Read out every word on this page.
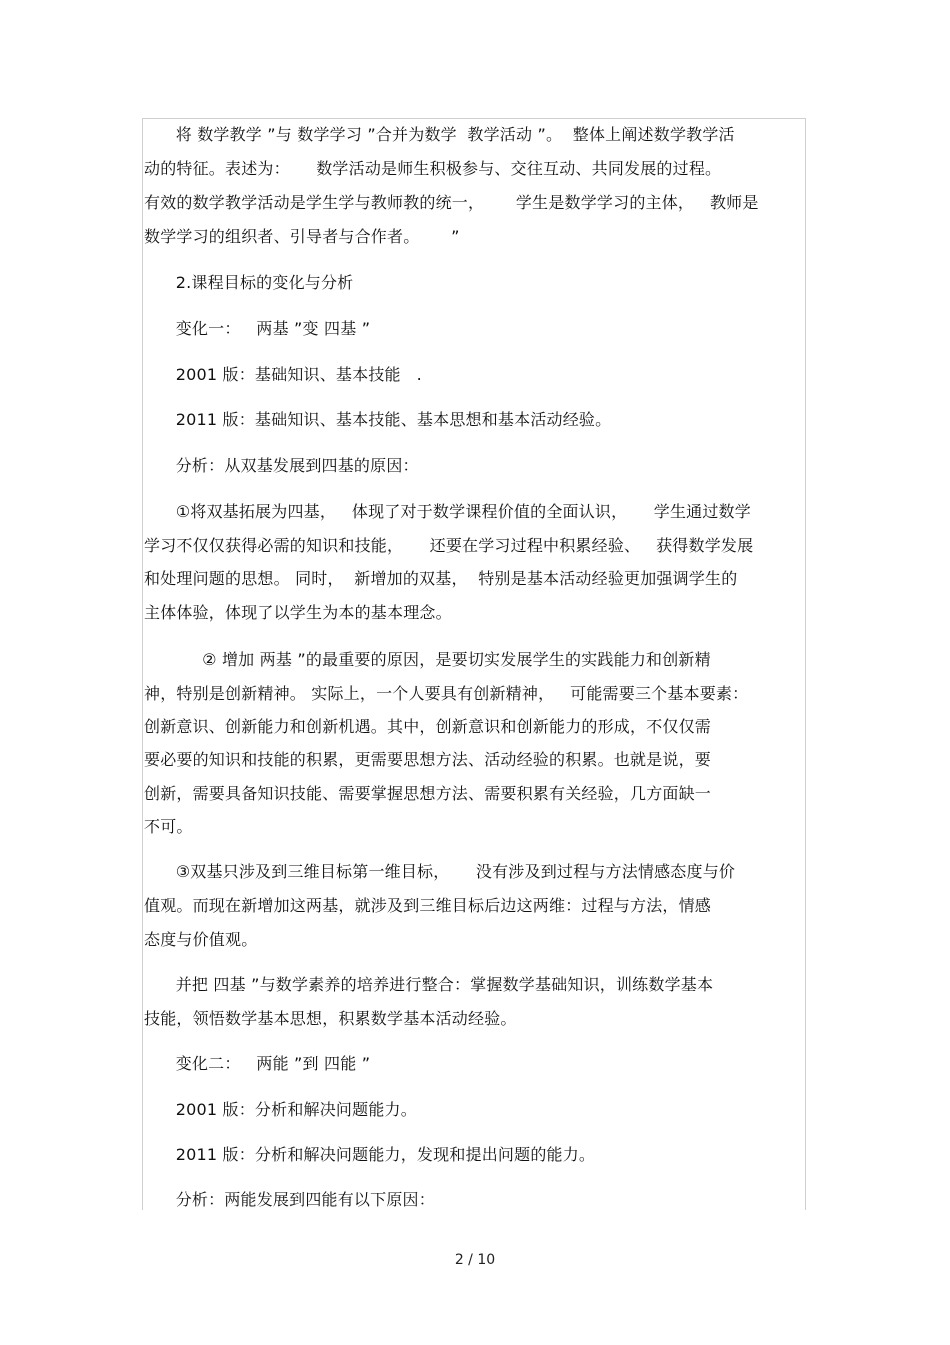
将 数学教学 ”与 数学学习 ”合并为数学  教学活动 ”。  整体上阐述数学教学活
动的特征。表述为：     数学活动是师生积极参与、交往互动、共同发展的过程。
有效的数学教学活动是学生学与教师教的统一，      学生是数学学习的主体，   教师是
数学学习的组织者、引导者与合作者。      ”
2.课程目标的变化与分析
变化一：   两基 ”变 四基 ”
2001 版：基础知识、基本技能   .
2011 版：基础知识、基本技能、基本思想和基本活动经验。
分析：从双基发展到四基的原因：
①将双基拓展为四基，   体现了对于数学课程价值的全面认识，     学生通过数学
学习不仅仅获得必需的知识和技能，     还要在学习过程中积累经验、   获得数学发展
和处理问题的思想。 同时，  新增加的双基，  特别是基本活动经验更加强调学生的
主体体验，体现了以学生为本的基本理念。
② 增加 两基 ”的最重要的原因，是要切实发展学生的实践能力和创新精
神，特别是创新精神。 实际上，一个人要具有创新精神，   可能需要三个基本要素：
创新意识、创新能力和创新机遇。其中，创新意识和创新能力的形成，不仅仅需
要必要的知识和技能的积累，更需要思想方法、活动经验的积累。也就是说，要
创新，需要具备知识技能、需要掌握思想方法、需要积累有关经验，几方面缺一
不可。
③双基只涉及到三维目标第一维目标，     没有涉及到过程与方法情感态度与价
值观。而现在新增加这两基，就涉及到三维目标后边这两维：过程与方法，情感
态度与价值观。
并把 四基 ”与数学素养的培养进行整合：掌握数学基础知识，训练数学基本
技能，领悟数学基本思想，积累数学基本活动经验。
变化二：   两能 ”到 四能 ”
2001 版：分析和解决问题能力。
2011 版：分析和解决问题能力，发现和提出问题的能力。
分析：两能发展到四能有以下原因：
2 / 10
